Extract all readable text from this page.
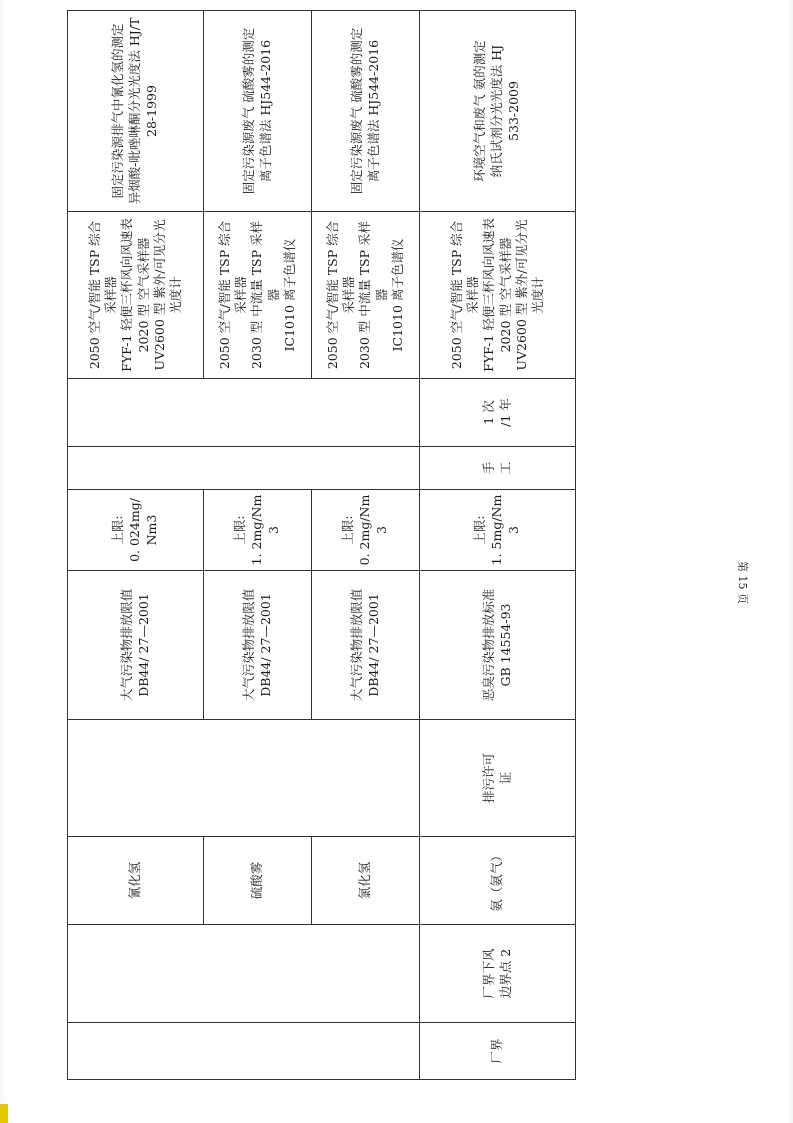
		氰化氢		大气污染物排放限值
DB44/ 27—2001	上限:
0. 024mg/
Nm3			2050 空气/智能 TSP 综合采样器 FYF-1 轻便三杯风向风速表 2020 型 空气采样器 UV2600 型 紫外/可见分光光度计	固定污染源排气中氰化氢的测定
异烟酸-吡唑啉酮分光光度法 HJ/T 28-1999

		硫酸雾		大气污染物排放限值
DB44/ 27—2001	上限:
1. 2mg/Nm
3			2050 空气/智能 TSP 综合采样器 2030 型 中流量 TSP 采样器 IC1010 离子色谱仪	固定污染源废气 硫酸雾的测定
离子色谱法 HJ544-2016

		氯化氢		大气污染物排放限值
DB44/ 27—2001	上限:
0. 2mg/Nm
3			2050 空气/智能 TSP 综合采样器 2030 型 中流量 TSP 采样器 IC1010 离子色谱仪	固定污染源废气 硫酸雾的测定
离子色谱法 HJ544-2016

厂界	厂界下风
边界点 2	氨（氨气）	排污许可
证	恶臭污染物排放标准
GB 14554-93	上限:
1. 5mg/Nm
3	手
工	1 次
/1 年	2050 空气/智能 TSP 综合采样器 FYF-1 轻便三杯风向风速表 2020 型 空气采样器 UV2600 型 紫外/可见分光光度计	环境空气和废气 氨的测定
纳氏试剂分光光度法 HJ
533-2009
第 15 页
